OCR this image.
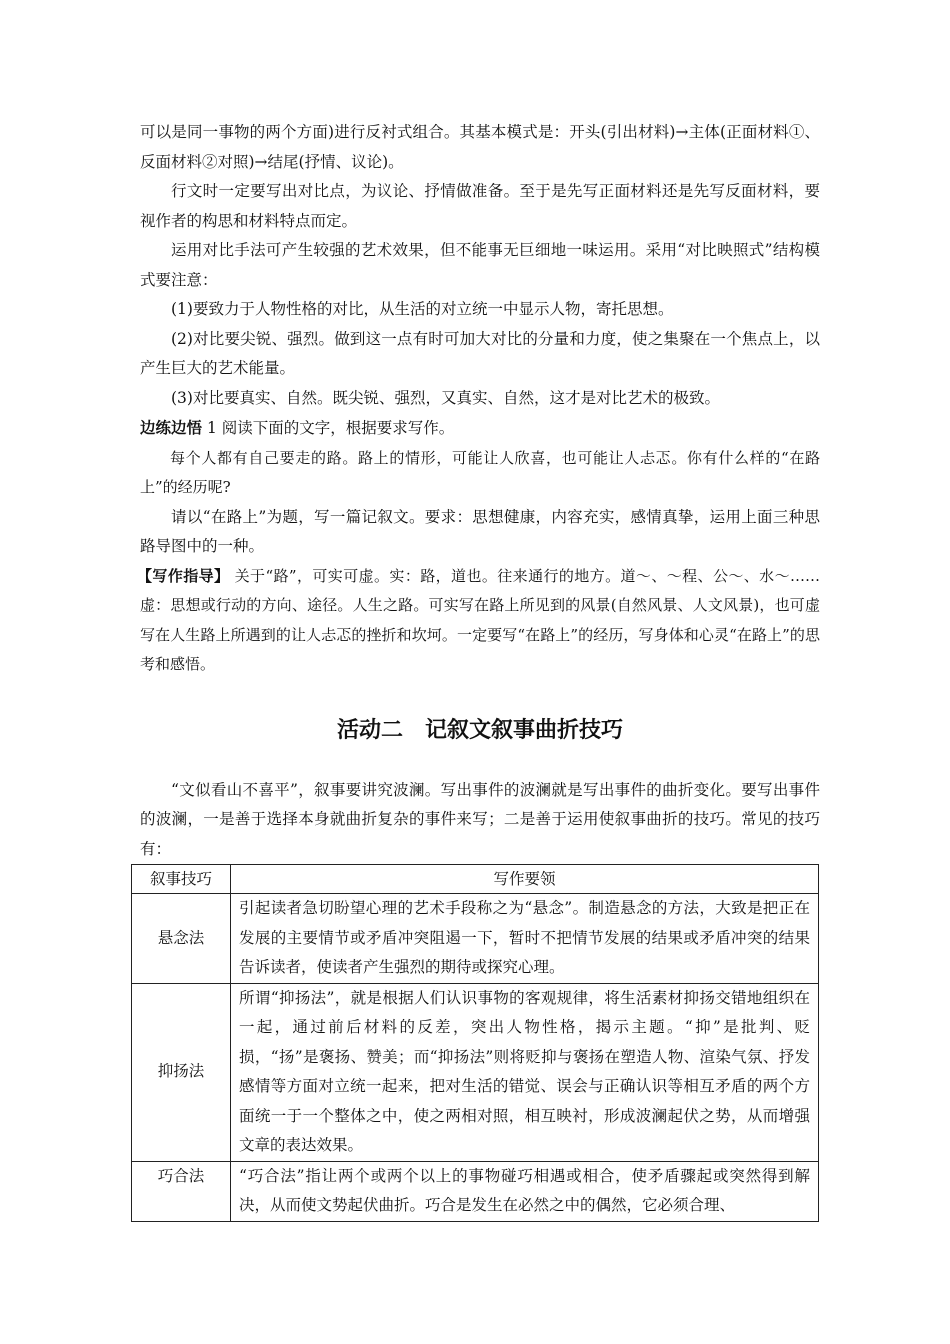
可以是同一事物的两个方面)进行反衬式组合。其基本模式是：开头(引出材料)→主体(正面材料①、反面材料②对照)→结尾(抒情、议论)。

行文时一定要写出对比点，为议论、抒情做准备。至于是先写正面材料还是先写反面材料，要视作者的构思和材料特点而定。

运用对比手法可产生较强的艺术效果，但不能事无巨细地一味运用。采用“对比映照式”结构模式要注意：

(1)要致力于人物性格的对比，从生活的对立统一中显示人物，寄托思想。

(2)对比要尖锐、强烈。做到这一点有时可加大对比的分量和力度，使之集聚在一个焦点上，以产生巨大的艺术能量。

(3)对比要真实、自然。既尖锐、强烈，又真实、自然，这才是对比艺术的极致。

边练边悟 1 阅读下面的文字，根据要求写作。

每个人都有自己要走的路。路上的情形，可能让人欣喜，也可能让人忐忑。你有什么样的“在路上”的经历呢?

请以“在路上”为题，写一篇记叙文。要求：思想健康，内容充实，感情真挚，运用上面三种思路导图中的一种。

【写作指导】 关于“路”，可实可虚。实：路，道也。往来通行的地方。道～、～程、公～、水～……虚：思想或行动的方向、途径。人生之路。可实写在路上所见到的风景(自然风景、人文风景)，也可虚写在人生路上所遇到的让人忐忑的挫折和坎坷。一定要写“在路上”的经历，写身体和心灵“在路上”的思考和感悟。

活动二　记叙文叙事曲折技巧

“文似看山不喜平”，叙事要讲究波澜。写出事件的波澜就是写出事件的曲折变化。要写出事件的波澜，一是善于选择本身就曲折复杂的事件来写；二是善于运用使叙事曲折的技巧。常见的技巧有：

叙事技巧	写作要领
悬念法	引起读者急切盼望心理的艺术手段称之为“悬念”。制造悬念的方法，大致是把正在发展的主要情节或矛盾冲突阻遏一下，暂时不把情节发展的结果或矛盾冲突的结果告诉读者，使读者产生强烈的期待或探究心理。
抑扬法	所谓“抑扬法”，就是根据人们认识事物的客观规律，将生活素材抑扬交错地组织在一起，通过前后材料的反差，突出人物性格，揭示主题。“抑”是批判、贬损，“扬”是褒扬、赞美；而“抑扬法”则将贬抑与褒扬在塑造人物、渲染气氛、抒发感情等方面对立统一起来，把对生活的错觉、误会与正确认识等相互矛盾的两个方面统一于一个整体之中，使之两相对照，相互映衬，形成波澜起伏之势，从而增强文章的表达效果。
巧合法	“巧合法”指让两个或两个以上的事物碰巧相遇或相合，使矛盾骤起或突然得到解决，从而使文势起伏曲折。巧合是发生在必然之中的偶然，它必须合理、
